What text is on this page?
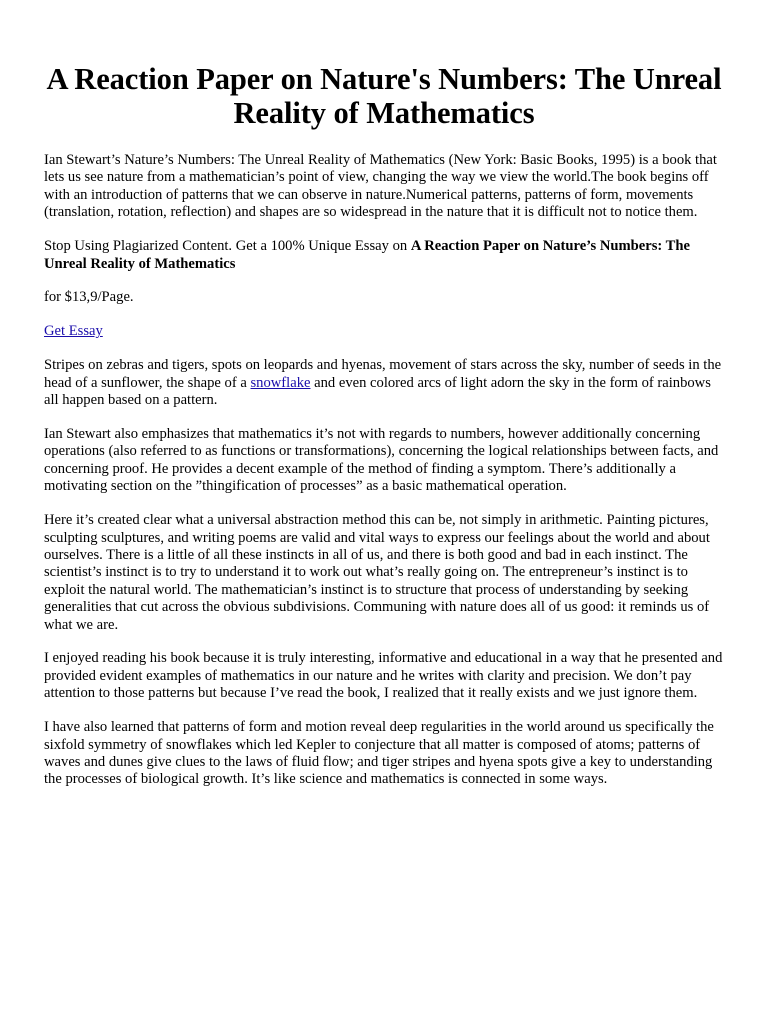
A Reaction Paper on Nature's Numbers: The Unreal Reality of Mathematics

Ian Stewart’s Nature’s Numbers: The Unreal Reality of Mathematics (New York: Basic Books, 1995) is a book that lets us see nature from a mathematician’s point of view, changing the way we view the world.The book begins off with an introduction of patterns that we can observe in nature.Numerical patterns, patterns of form, movements (translation, rotation, reflection) and shapes are so widespread in the nature that it is difficult not to notice them.

Stop Using Plagiarized Content. Get a 100% Unique Essay on A Reaction Paper on Nature’s Numbers: The Unreal Reality of Mathematics

for $13,9/Page.

Get Essay

Stripes on zebras and tigers, spots on leopards and hyenas, movement of stars across the sky, number of seeds in the head of a sunflower, the shape of a snowflake and even colored arcs of light adorn the sky in the form of rainbows all happen based on a pattern.

Ian Stewart also emphasizes that mathematics it’s not with regards to numbers, however additionally concerning operations (also referred to as functions or transformations), concerning the logical relationships between facts, and concerning proof. He provides a decent example of the method of finding a symptom. There’s additionally a motivating section on the ”thingification of processes” as a basic mathematical operation.

Here it’s created clear what a universal abstraction method this can be, not simply in arithmetic. Painting pictures, sculpting sculptures, and writing poems are valid and vital ways to express our feelings about the world and about ourselves. There is a little of all these instincts in all of us, and there is both good and bad in each instinct. The scientist’s instinct is to try to understand it to work out what’s really going on. The entrepreneur’s instinct is to exploit the natural world. The mathematician’s instinct is to structure that process of understanding by seeking generalities that cut across the obvious subdivisions. Communing with nature does all of us good: it reminds us of what we are.

I enjoyed reading his book because it is truly interesting, informative and educational in a way that he presented and provided evident examples of mathematics in our nature and he writes with clarity and precision. We don’t pay attention to those patterns but because I’ve read the book, I realized that it really exists and we just ignore them.

I have also learned that patterns of form and motion reveal deep regularities in the world around us specifically the sixfold symmetry of snowflakes which led Kepler to conjecture that all matter is composed of atoms; patterns of waves and dunes give clues to the laws of fluid flow; and tiger stripes and hyena spots give a key to understanding the processes of biological growth. It’s like science and mathematics is connected in some ways.
